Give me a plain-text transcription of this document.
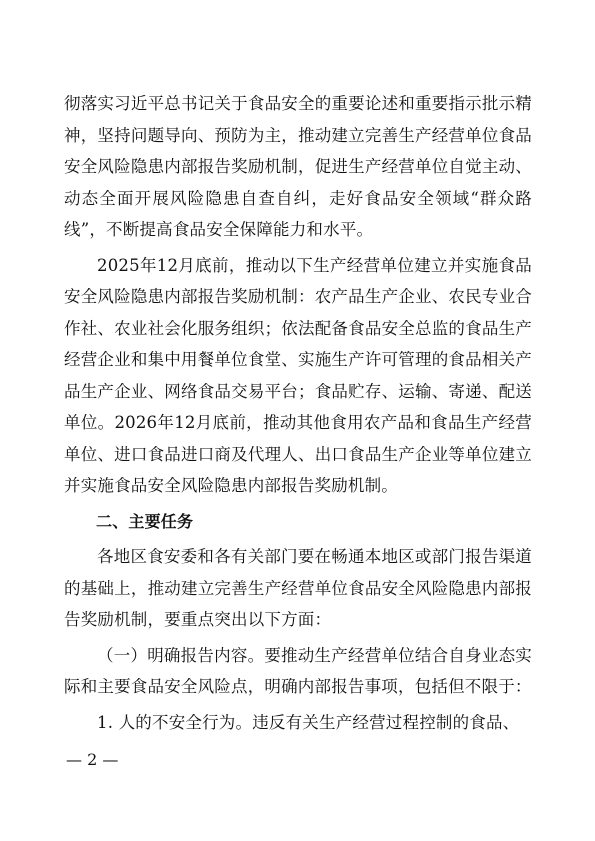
彻落实习近平总书记关于食品安全的重要论述和重要指示批示精神，坚持问题导向、预防为主，推动建立完善生产经营单位食品安全风险隐患内部报告奖励机制，促进生产经营单位自觉主动、动态全面开展风险隐患自查自纠，走好食品安全领域“群众路线”，不断提高食品安全保障能力和水平。

2025年12月底前，推动以下生产经营单位建立并实施食品安全风险隐患内部报告奖励机制：农产品生产企业、农民专业合作社、农业社会化服务组织；依法配备食品安全总监的食品生产经营企业和集中用餐单位食堂、实施生产许可管理的食品相关产品生产企业、网络食品交易平台；食品贮存、运输、寄递、配送单位。2026年12月底前，推动其他食用农产品和食品生产经营单位、进口食品进口商及代理人、出口食品生产企业等单位建立并实施食品安全风险隐患内部报告奖励机制。

二、主要任务

各地区食安委和各有关部门要在畅通本地区或部门报告渠道的基础上，推动建立完善生产经营单位食品安全风险隐患内部报告奖励机制，要重点突出以下方面：

（一）明确报告内容。要推动生产经营单位结合自身业态实际和主要食品安全风险点，明确内部报告事项，包括但不限于：

1. 人的不安全行为。违反有关生产经营过程控制的食品、

— 2 —
